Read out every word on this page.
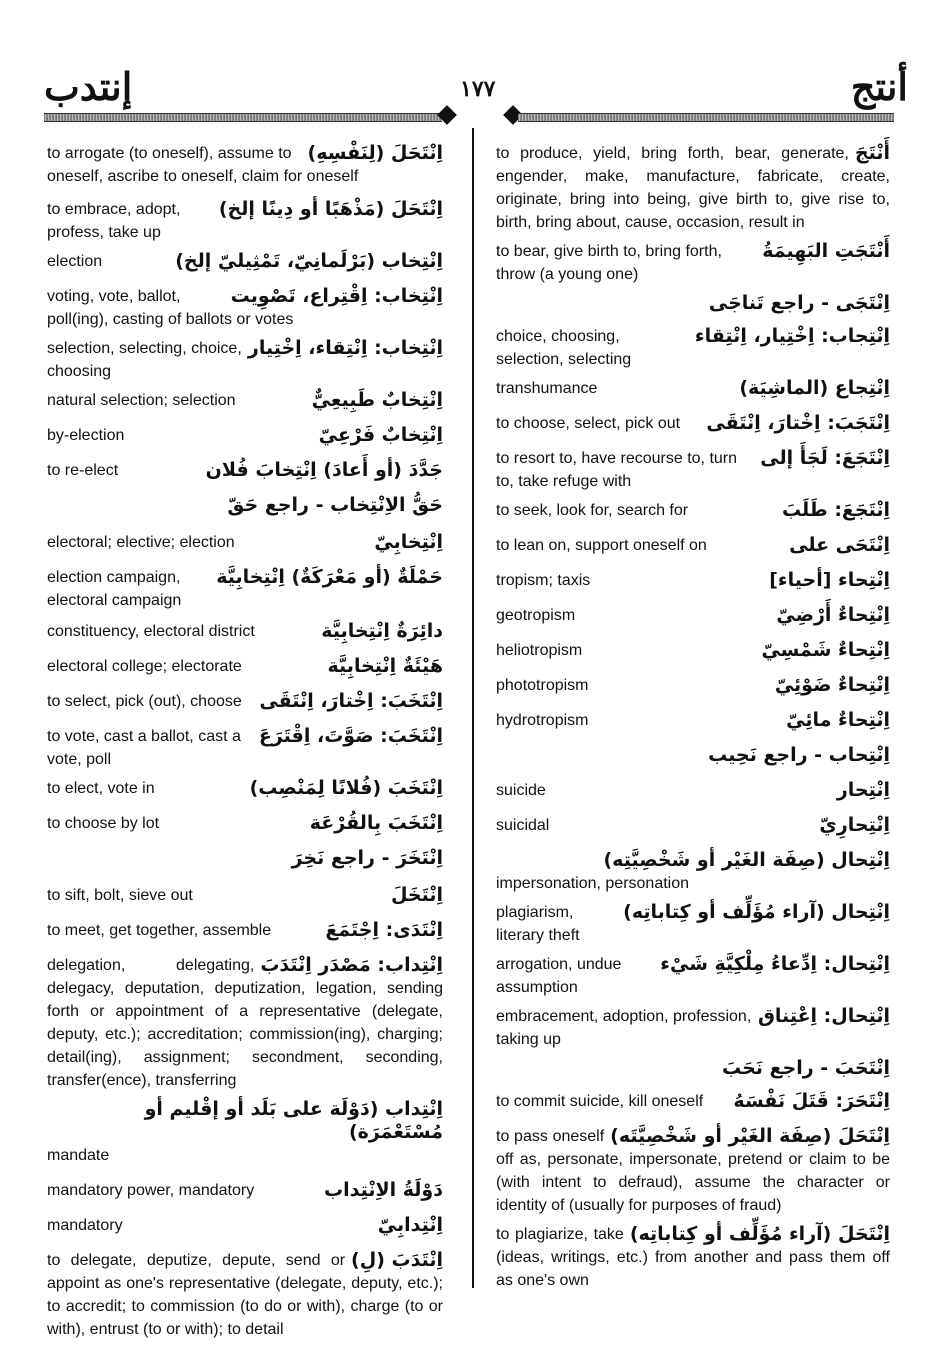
إنتدب	١٧٧	أنتج
اِنْتَحَلَ (لِنَفْسِهِ)
to arrogate (to oneself), assume to oneself, ascribe to oneself, claim for oneself
اِنْتَحَلَ (مَذْهَبًا أو دِينًا إلخ)
to embrace, adopt, profess, take up
اِنْتِخاب (بَرْلَمانِيّ، تَمْثِيليّ إلخ)
election
اِنْتِخاب: اِقْتِراع، تَصْوِيت
voting, vote, ballot, poll(ing), casting of ballots or votes
اِنْتِخاب: اِنْتِقاء، اِخْتِيار
selection, selecting, choice, choosing
اِنْتِخابٌ طَبِيعِيٌّ
natural selection; selection
اِنْتِخابٌ فَرْعِيّ
by-election
جَدَّدَ (أو أَعادَ) اِنْتِخابَ فُلان
to re-elect
حَقُّ الاِنْتِخاب - راجع حَقّ
اِنْتِخابِيّ
electoral; elective; election
حَمْلَةٌ (أو مَعْرَكَةٌ) اِنْتِخابِيَّة
election campaign, electoral campaign
دائِرَةٌ اِنْتِخابِيَّة
constituency, electoral district
هَيْئَةٌ اِنْتِخابِيَّة
electoral college; electorate
اِنْتَخَبَ: اِخْتارَ، اِنْتَقَى
to select, pick (out), choose
اِنْتَخَبَ: صَوَّتَ، اِقْتَرَعَ
to vote, cast a ballot, cast a vote, poll
اِنْتَخَبَ (فُلانًا لِمَنْصِب)
to elect, vote in
اِنْتَخَبَ بِالقُرْعَة
to choose by lot
اِنْتَخَرَ - راجع نَخِرَ
اِنْتَخَلَ
to sift, bolt, sieve out
اِنْتَدَى: اِجْتَمَعَ
to meet, get together, assemble
اِنْتِداب: مَصْدَر اِنْتَدَبَ
delegation, delegating, delegacy, deputation, deputization, legation, sending forth or appointment of a representative (delegate, deputy, etc.); accreditation; commission(ing), charging; detail(ing), assignment; secondment, seconding, transfer(ence), transferring
اِنْتِداب (دَوْلَة على بَلَد أو إقْليم أو مُسْتَعْمَرَة)
mandate
دَوْلَةُ الاِنْتِداب
mandatory power, mandatory
اِنْتِدابِيّ
mandatory
اِنْتَدَبَ (لِ)
to delegate, deputize, depute, send or appoint as one's representative (delegate, deputy, etc.); to accredit; to commission (to do or with), charge (to or with), entrust (to or with); to detail
أَنْتَجَ
to produce, yield, bring forth, bear, generate, engender, make, manufacture, fabricate, create, originate, bring into being, give birth to, give rise to, birth, bring about, cause, occasion, result in
أَنْتَجَتِ البَهِيمَةُ
to bear, give birth to, bring forth, throw (a young one)
اِنْتَجَى - راجع تَناجَى
اِنْتِجاب: اِخْتِيار، اِنْتِقاء
choice, choosing, selection, selecting
اِنْتِجاع (الماشِيَة)
transhumance
اِنْتَجَبَ: اِخْتارَ، اِنْتَقَى
to choose, select, pick out
اِنْتَجَعَ: لَجَأَ إلى
to resort to, have recourse to, turn to, take refuge with
اِنْتَجَعَ: طَلَبَ
to seek, look for, search for
اِنْتَحَى على
to lean on, support oneself on
اِنْتِحاء [أحياء]
tropism; taxis
اِنْتِحاءٌ أَرْضِيّ
geotropism
اِنْتِحاءٌ شَمْسِيّ
heliotropism
اِنْتِحاءٌ ضَوْئِيّ
phototropism
اِنْتِحاءٌ مائِيّ
hydrotropism
اِنْتِحاب - راجع نَحِيب
اِنْتِحار
suicide
اِنْتِحارِيّ
suicidal
اِنْتِحال (صِفَة الغَيْر أو شَخْصِيَّتِه)
impersonation, personation
اِنْتِحال (آراء مُؤَلِّف أو كِتاباتِه)
plagiarism, literary theft
اِنْتِحال: اِدِّعاءُ مِلْكِيَّةِ شَيْء
arrogation, undue assumption
اِنْتِحال: اِعْتِناق
embracement, adoption, profession, taking up
اِنْتَحَبَ - راجع نَحَبَ
اِنْتَحَرَ: قَتَلَ نَفْسَهُ
to commit suicide, kill oneself
اِنْتَحَلَ (صِفَة الغَيْر أو شَخْصِيَّتَه)
to pass oneself off as, personate, impersonate, pretend or claim to be (with intent to defraud), assume the character or identity of (usually for purposes of fraud)
اِنْتَحَلَ (آراء مُؤَلِّف أو كِتاباتِه)
to plagiarize, take (ideas, writings, etc.) from another and pass them off as one's own
